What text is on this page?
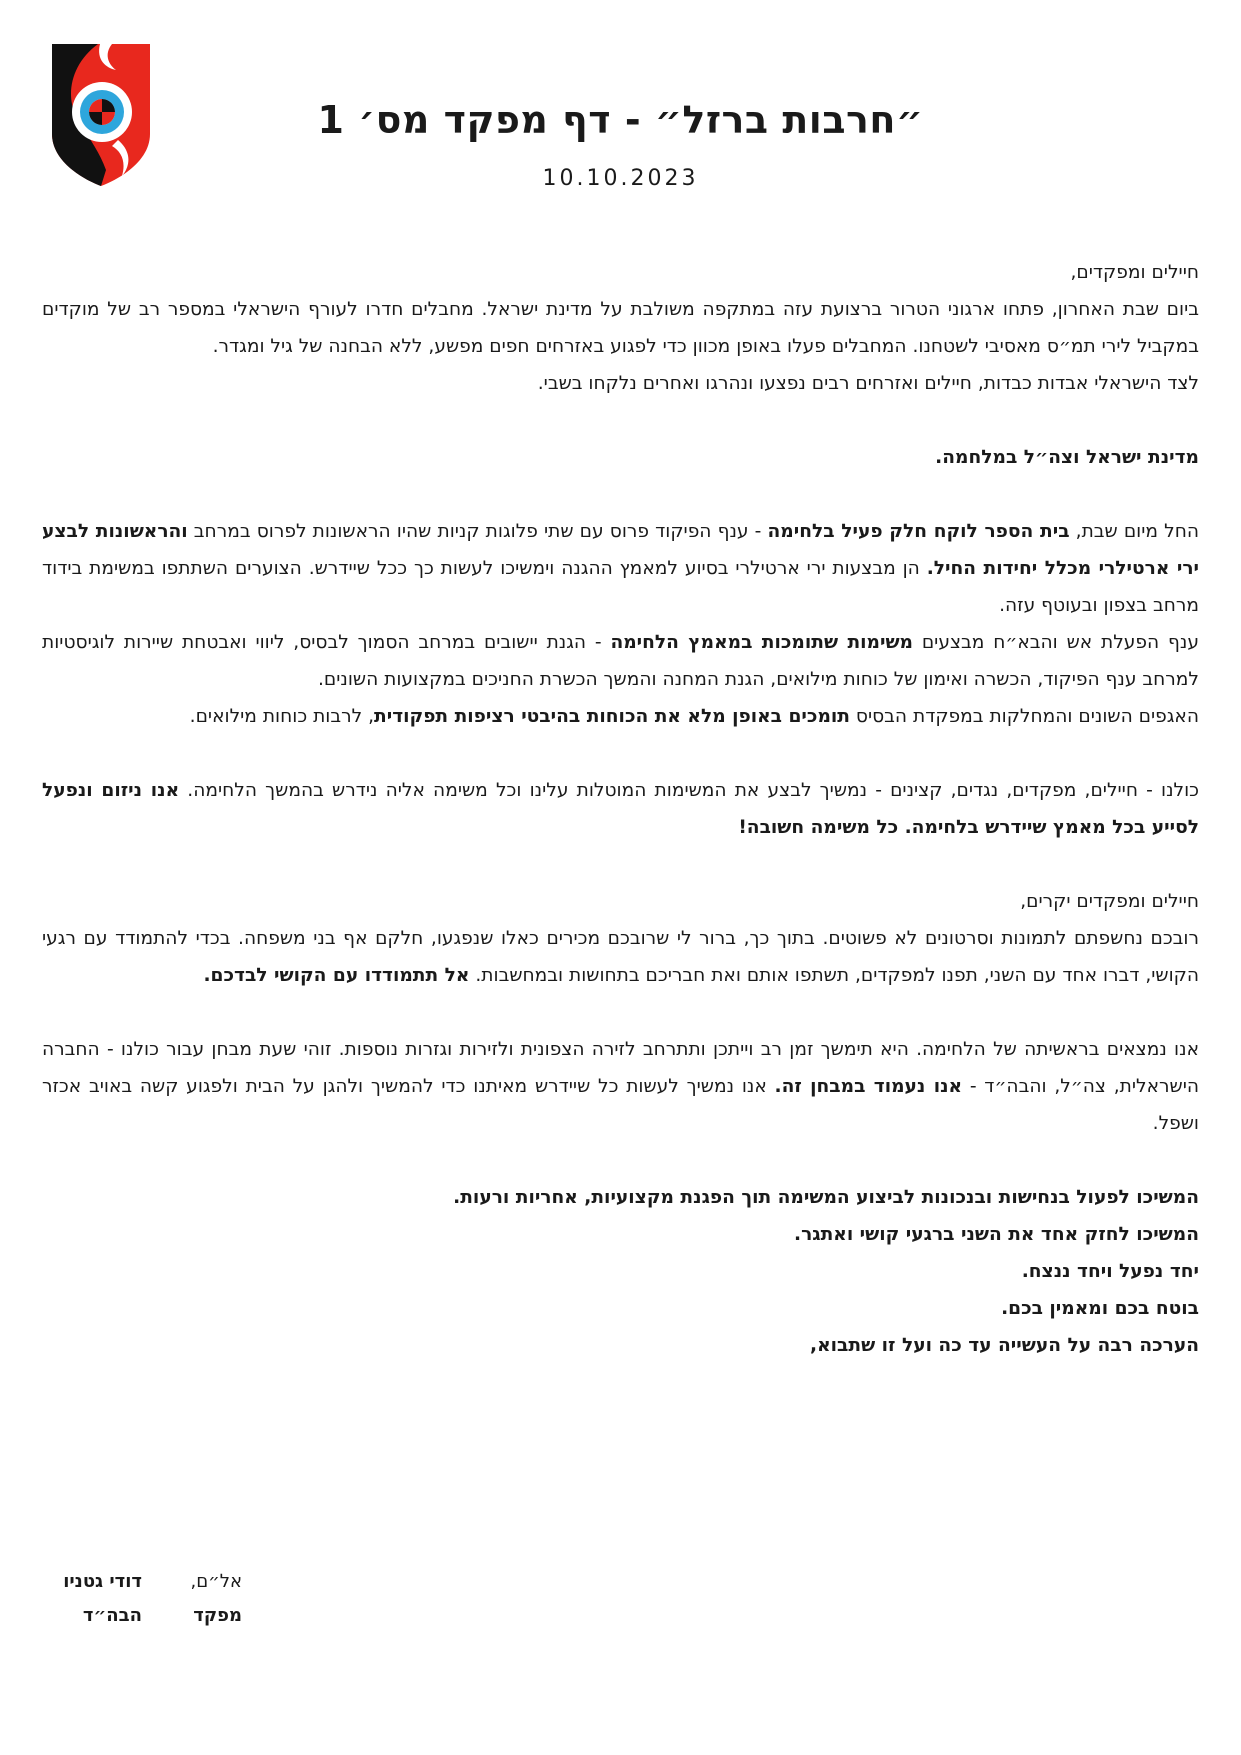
״חרבות ברזל״ - דף מפקד מס׳ 1
10.10.2023

חיילים ומפקדים,

ביום שבת האחרון, פתחו ארגוני הטרור ברצועת עזה במתקפה משולבת על מדינת ישראל. מחבלים חדרו לעורף הישראלי במספר רב של מוקדים במקביל לירי תמ״ס מאסיבי לשטחנו. המחבלים פעלו באופן מכוון כדי לפגוע באזרחים חפים מפשע, ללא הבחנה של גיל ומגדר.

לצד הישראלי אבדות כבדות, חיילים ואזרחים רבים נפצעו ונהרגו ואחרים נלקחו בשבי.

מדינת ישראל וצה״ל במלחמה.

החל מיום שבת, בית הספר לוקח חלק פעיל בלחימה - ענף הפיקוד פרוס עם שתי פלוגות קניות שהיו הראשונות לפרוס במרחב והראשונות לבצע ירי ארטילרי מכלל יחידות החיל. הן מבצעות ירי ארטילרי בסיוע למאמץ ההגנה וימשיכו לעשות כך ככל שיידרש. הצוערים השתתפו במשימת בידוד מרחב בצפון ובעוטף עזה.

ענף הפעלת אש והבא״ח מבצעים משימות שתומכות במאמץ הלחימה - הגנת יישובים במרחב הסמוך לבסיס, ליווי ואבטחת שיירות לוגיסטיות למרחב ענף הפיקוד, הכשרה ואימון של כוחות מילואים, הגנת המחנה והמשך הכשרת החניכים במקצועות השונים.

האגפים השונים והמחלקות במפקדת הבסיס תומכים באופן מלא את הכוחות בהיבטי רציפות תפקודית, לרבות כוחות מילואים.

כולנו - חיילים, מפקדים, נגדים, קצינים - נמשיך לבצע את המשימות המוטלות עלינו וכל משימה אליה נידרש בהמשך הלחימה. אנו ניזום ונפעל לסייע בכל מאמץ שיידרש בלחימה. כל משימה חשובה!

חיילים ומפקדים יקרים,

רובכם נחשפתם לתמונות וסרטונים לא פשוטים. בתוך כך, ברור לי שרובכם מכירים כאלו שנפגעו, חלקם אף בני משפחה. בכדי להתמודד עם רגעי הקושי, דברו אחד עם השני, תפנו למפקדים, תשתפו אותם ואת חבריכם בתחושות ובמחשבות. אל תתמודדו עם הקושי לבדכם.

אנו נמצאים בראשיתה של הלחימה. היא תימשך זמן רב וייתכן ותתרחב לזירה הצפונית ולזירות וגזרות נוספות. זוהי שעת מבחן עבור כולנו - החברה הישראלית, צה״ל, והבה״ד - אנו נעמוד במבחן זה. אנו נמשיך לעשות כל שיידרש מאיתנו כדי להמשיך ולהגן על הבית ולפגוע קשה באויב אכזר ושפל.

המשיכו לפעול בנחישות ובנכונות לביצוע המשימה תוך הפגנת מקצועיות, אחריות ורעות.

המשיכו לחזק אחד את השני ברגעי קושי ואתגר.

יחד נפעל ויחד ננצח.

בוטח בכם ומאמין בכם.

הערכה רבה על העשייה עד כה ועל זו שתבוא,

אל״ם,
דודי גטניו
מפקד
הבה״ד
